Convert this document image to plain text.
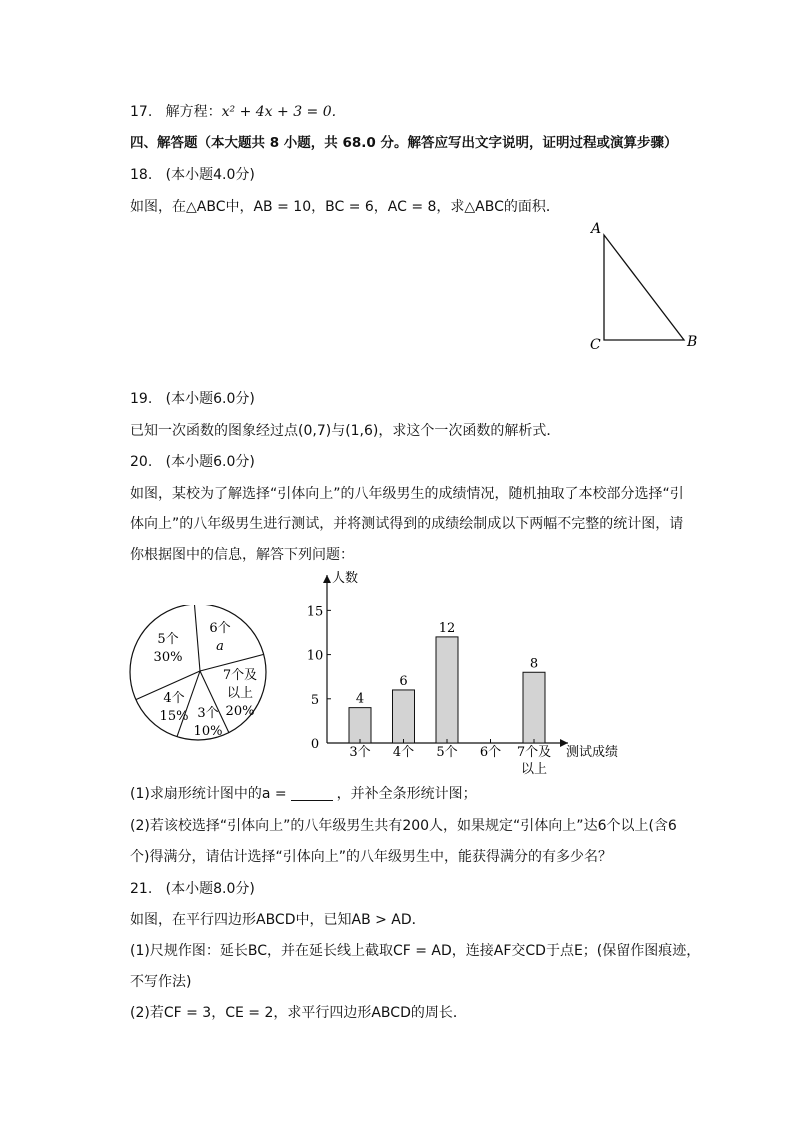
17. 解方程：x² + 4x + 3 = 0.
四、解答题（本大题共 8 小题，共 68.0 分。解答应写出文字说明，证明过程或演算步骤）
18. (本小题4.0分)
如图，在△ABC中，AB = 10，BC = 6，AC = 8，求△ABC的面积．
A
C	B
19. (本小题6.0分)
已知一次函数的图象经过点(0,7)与(1,6)，求这个一次函数的解析式．
20. (本小题6.0分)
如图，某校为了解选择“引体向上”的八年级男生的成绩情况，随机抽取了本校部分选择“引
体向上”的八年级男生进行测试，并将测试得到的成绩绘制成以下两幅不完整的统计图，请
你根据图中的信息，解答下列问题：
5个
30%
6个
a
7个及
以上
20%
3个
10%
4个
15%
人数
测试成绩
0
5
10
15
4
3个
6
4个
12
5个 6个
8
7个及
以上
(1)求扇形统计图中的a =	，并补全条形统计图；
(2)若该校选择“引体向上”的八年级男生共有200人，如果规定“引体向上”达6个以上(含6
个)得满分，请估计选择“引体向上”的八年级男生中，能获得满分的有多少名？
21. (本小题8.0分)
如图，在平行四边形ABCD中，已知AB > AD．
(1)尺规作图：延长BC，并在延长线上截取CF = AD，连接AF交CD于点E；(保留作图痕迹，
不写作法)
(2)若CF = 3，CE = 2，求平行四边形ABCD的周长．
